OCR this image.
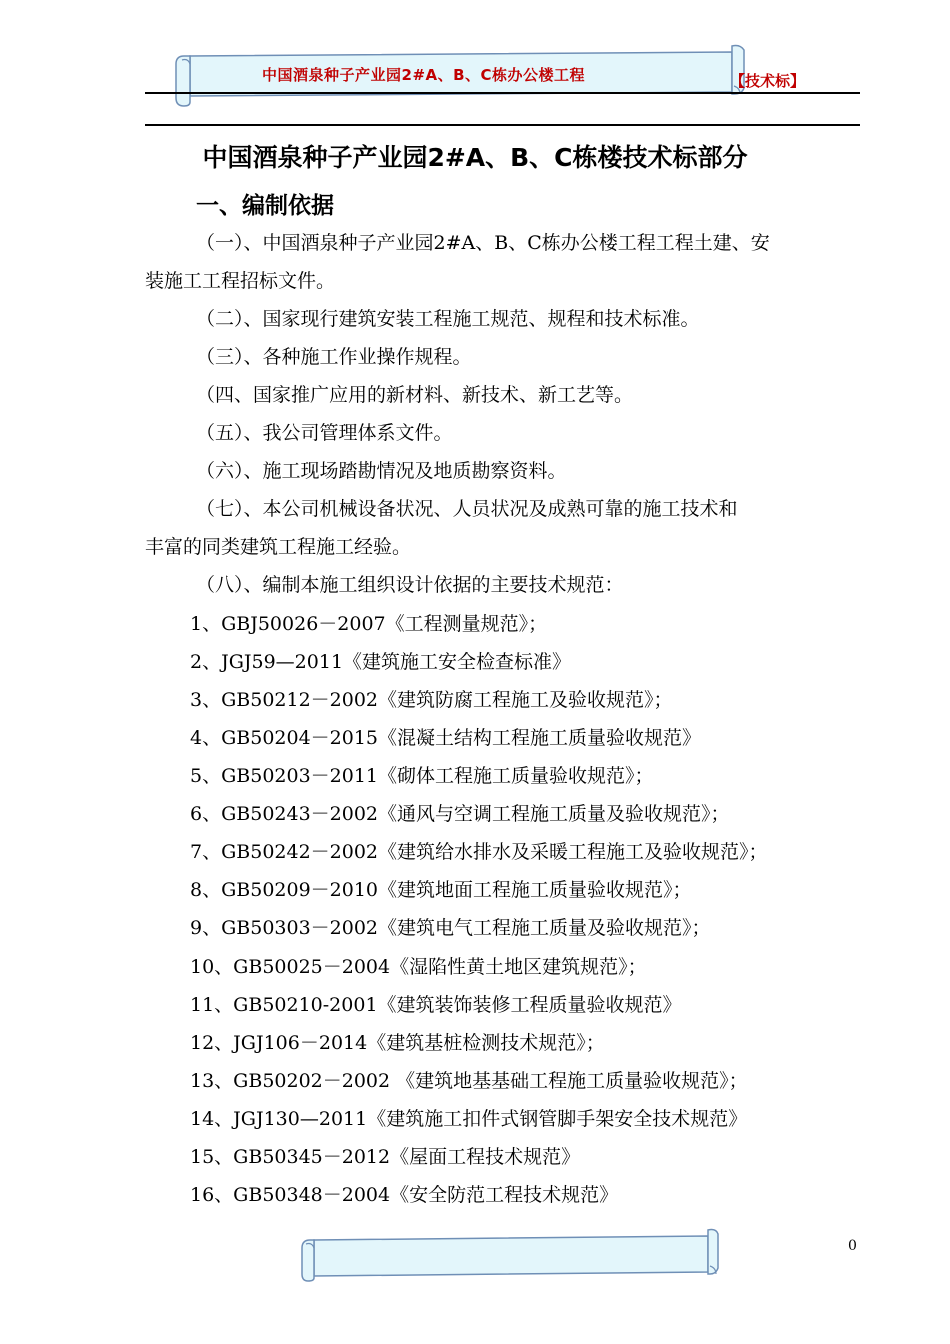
中国酒泉种子产业园2#A、B、C栋办公楼工程	【技术标】
中国酒泉种子产业园2#A、B、C栋楼技术标部分
一、编制依据
（一）、中国酒泉种子产业园2#A、B、C栋办公楼工程工程土建、安
装施工工程招标文件。
（二）、国家现行建筑安装工程施工规范、规程和技术标准。
（三）、各种施工作业操作规程。
（四、国家推广应用的新材料、新技术、新工艺等。
（五）、我公司管理体系文件。
（六）、施工现场踏勘情况及地质勘察资料。
（七）、本公司机械设备状况、人员状况及成熟可靠的施工技术和
丰富的同类建筑工程施工经验。
（八）、编制本施工组织设计依据的主要技术规范：
1、GBJ50026－2007《工程测量规范》；
2、JGJ59—2011《建筑施工安全检查标准》
3、GB50212－2002《建筑防腐工程施工及验收规范》；
4、GB50204－2015《混凝土结构工程施工质量验收规范》
5、GB50203－2011《砌体工程施工质量验收规范》；
6、GB50243－2002《通风与空调工程施工质量及验收规范》；
7、GB50242－2002《建筑给水排水及采暖工程施工及验收规范》；
8、GB50209－2010《建筑地面工程施工质量验收规范》；
9、GB50303－2002《建筑电气工程施工质量及验收规范》；
10、GB50025－2004《湿陷性黄土地区建筑规范》；
11、GB50210-2001《建筑装饰装修工程质量验收规范》
12、JGJ106－2014《建筑基桩检测技术规范》；
13、GB50202－2002 《建筑地基基础工程施工质量验收规范》；
14、JGJ130—2011《建筑施工扣件式钢管脚手架安全技术规范》
15、GB50345－2012《屋面工程技术规范》
16、GB50348－2004《安全防范工程技术规范》
0
